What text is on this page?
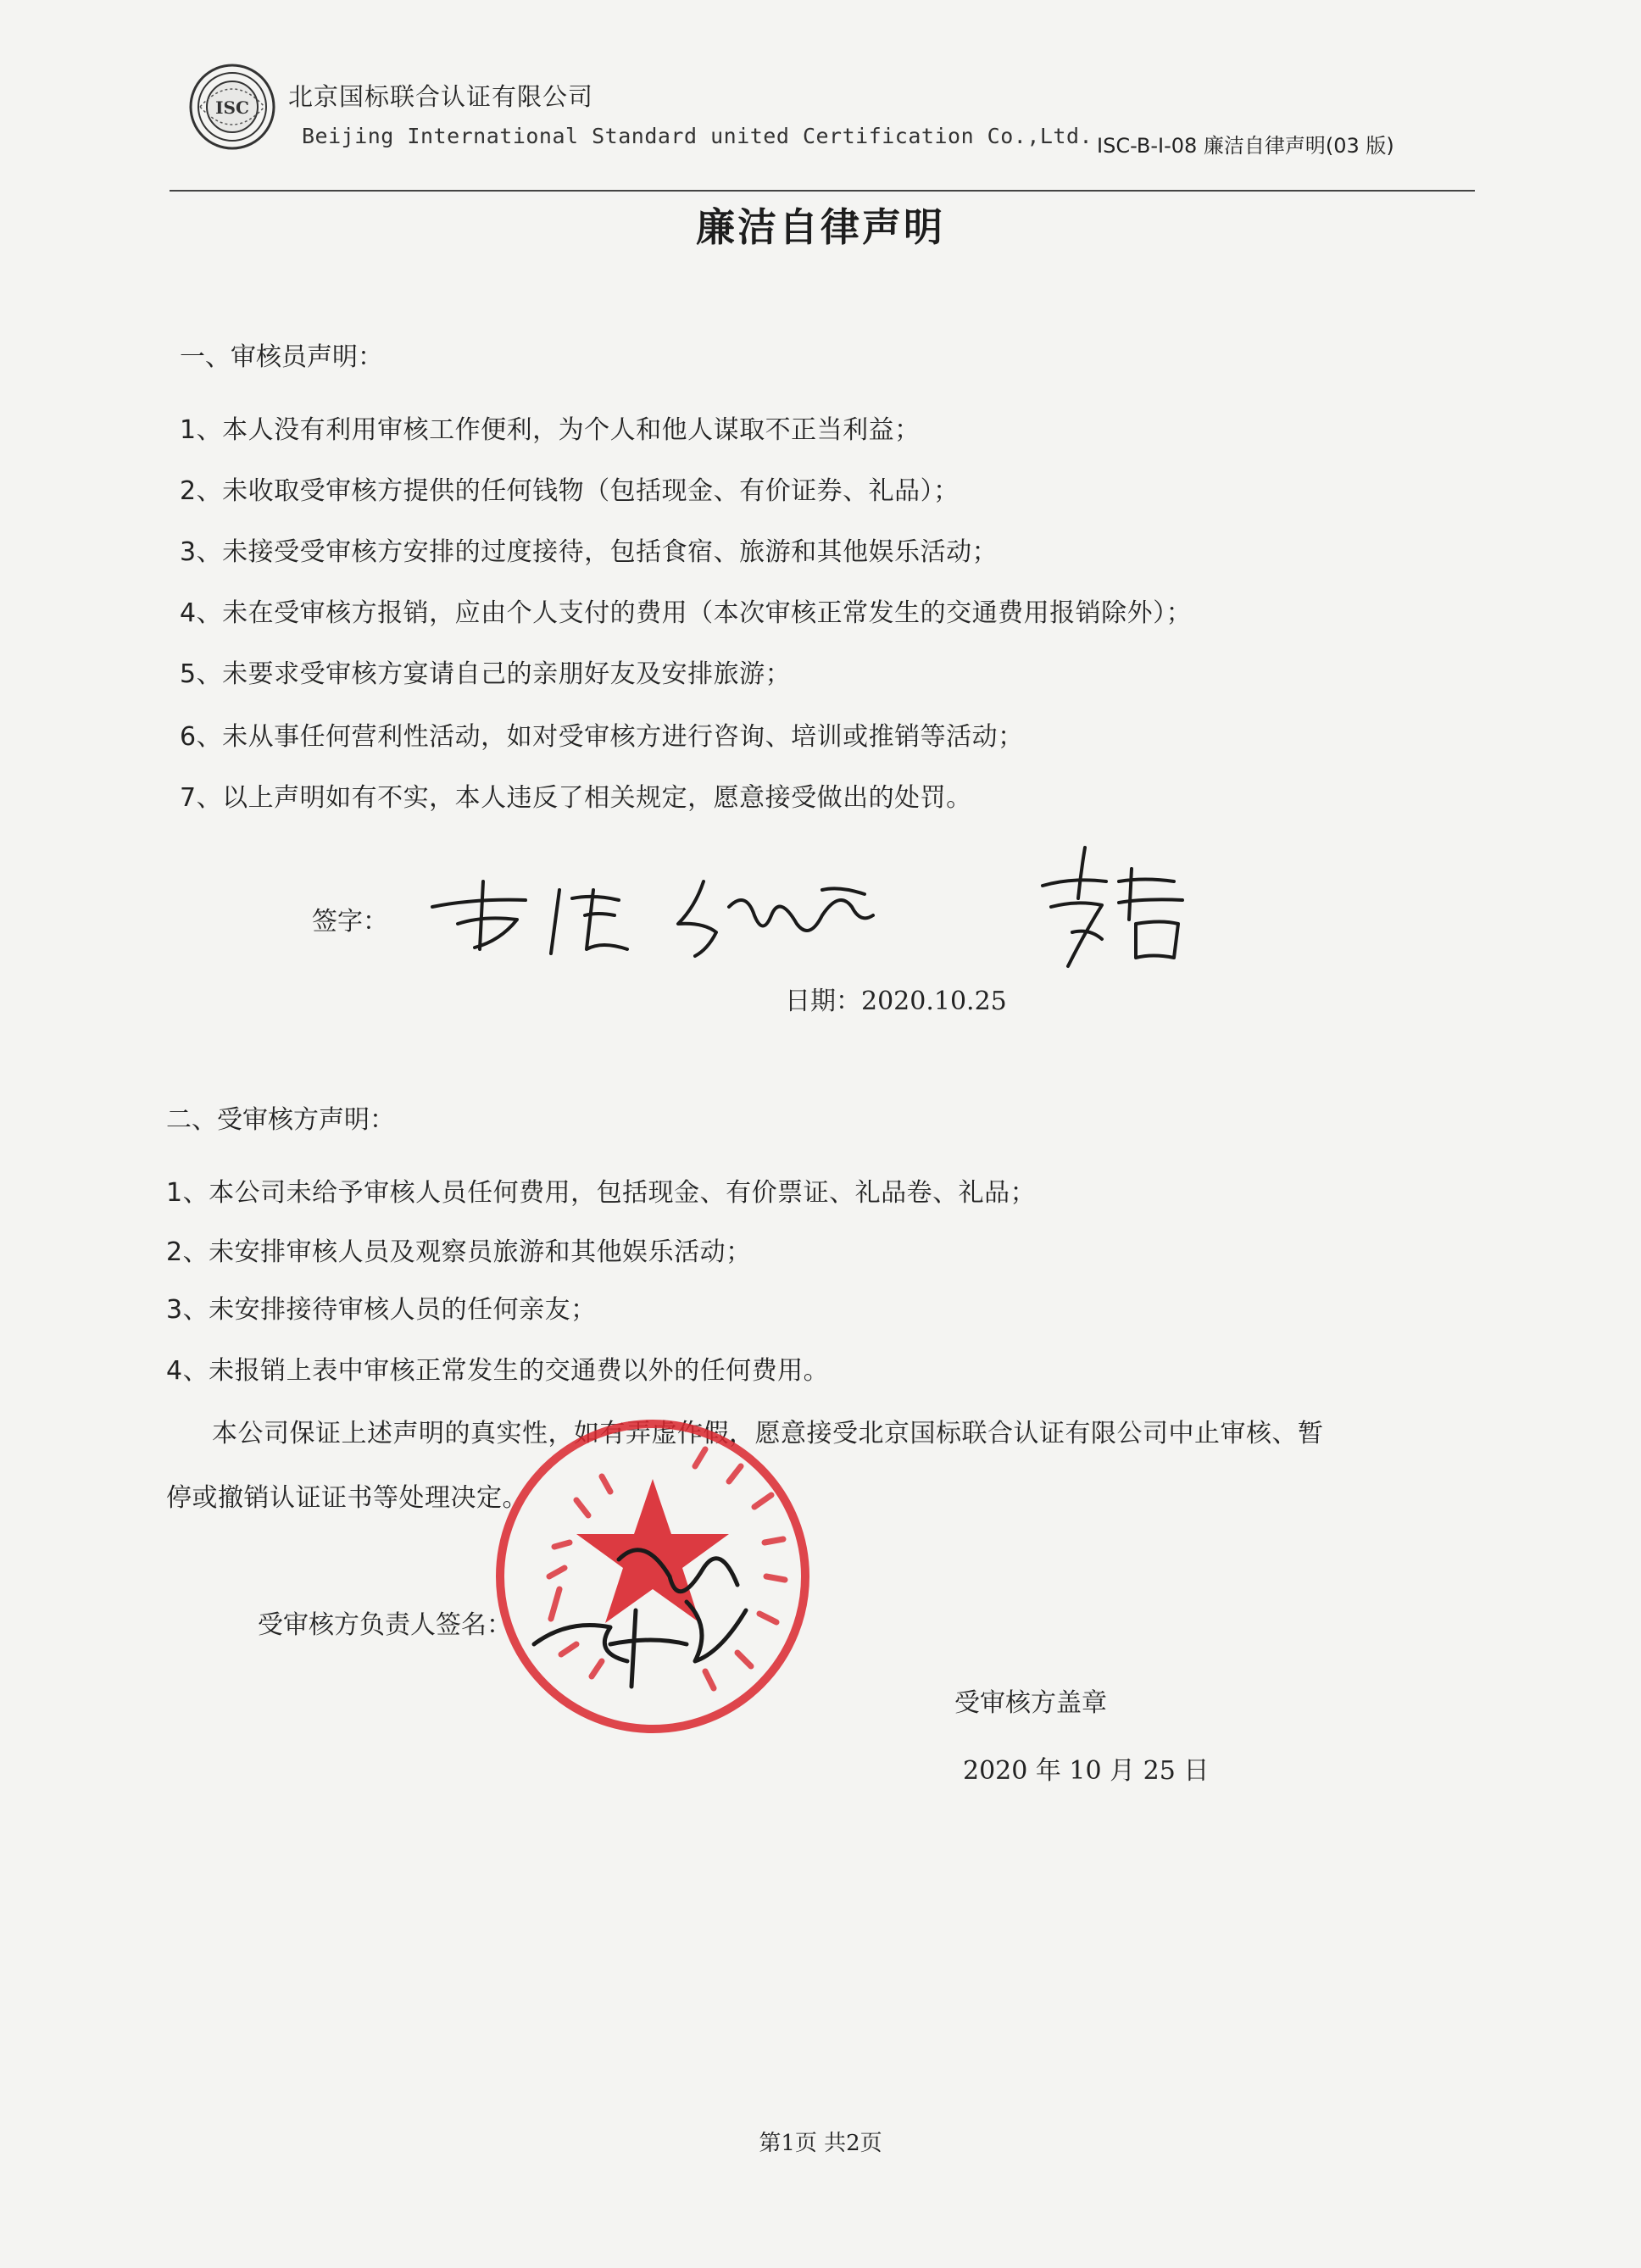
ISC 北京国标联合认证有限公司
Beijing International Standard united Certification Co.,Ltd. ISC-B-I-08 廉洁自律声明(03 版)
廉洁自律声明
一、审核员声明：
1、本人没有利用审核工作便利，为个人和他人谋取不正当利益；
2、未收取受审核方提供的任何钱物（包括现金、有价证券、礼品）；
3、未接受受审核方安排的过度接待，包括食宿、旅游和其他娱乐活动；
4、未在受审核方报销，应由个人支付的费用（本次审核正常发生的交通费用报销除外）；
5、未要求受审核方宴请自己的亲朋好友及安排旅游；
6、未从事任何营利性活动，如对受审核方进行咨询、培训或推销等活动；
7、以上声明如有不实，本人违反了相关规定，愿意接受做出的处罚。
签字：
日期：2020.10.25
二、受审核方声明：
1、本公司未给予审核人员任何费用，包括现金、有价票证、礼品卷、礼品；
2、未安排审核人员及观察员旅游和其他娱乐活动；
3、未安排接待审核人员的任何亲友；
4、未报销上表中审核正常发生的交通费以外的任何费用。
本公司保证上述声明的真实性，如有弄虚作假，愿意接受北京国标联合认证有限公司中止审核、暂
停或撤销认证证书等处理决定。
受审核方负责人签名：
受审核方盖章
2020 年 10 月 25 日
第1页 共2页
